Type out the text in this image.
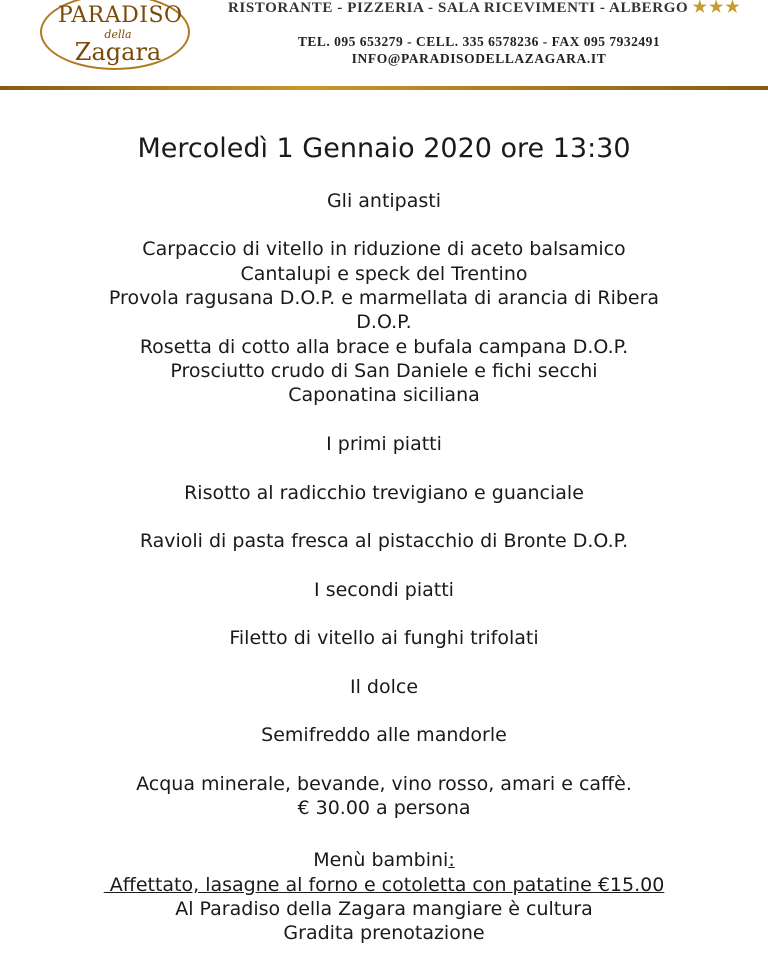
PARADISO
della
Zagara
RISTORANTE - PIZZERIA - SALA RICEVIMENTI - ALBERGO ★★★
TEL. 095 653279 - CELL. 335 6578236 - FAX 095 7932491
INFO@PARADISODELLAZAGARA.IT
Mercoledì 1 Gennaio 2020 ore 13:30
Gli antipasti
Carpaccio di vitello in riduzione di aceto balsamico
Cantalupi e speck del Trentino
Provola ragusana D.O.P. e marmellata di arancia di Ribera
D.O.P.
Rosetta di cotto alla brace e bufala campana D.O.P.
Prosciutto crudo di San Daniele e fichi secchi
Caponatina siciliana
I primi piatti
Risotto al radicchio trevigiano e guanciale
Ravioli di pasta fresca al pistacchio di Bronte D.O.P.
I secondi piatti
Filetto di vitello ai funghi trifolati
Il dolce
Semifreddo alle mandorle
Acqua minerale, bevande, vino rosso, amari e caffè.
€ 30.00 a persona
Menù bambini:
Affettato, lasagne al forno e cotoletta con patatine €15.00
Al Paradiso della Zagara mangiare è cultura
Gradita prenotazione
